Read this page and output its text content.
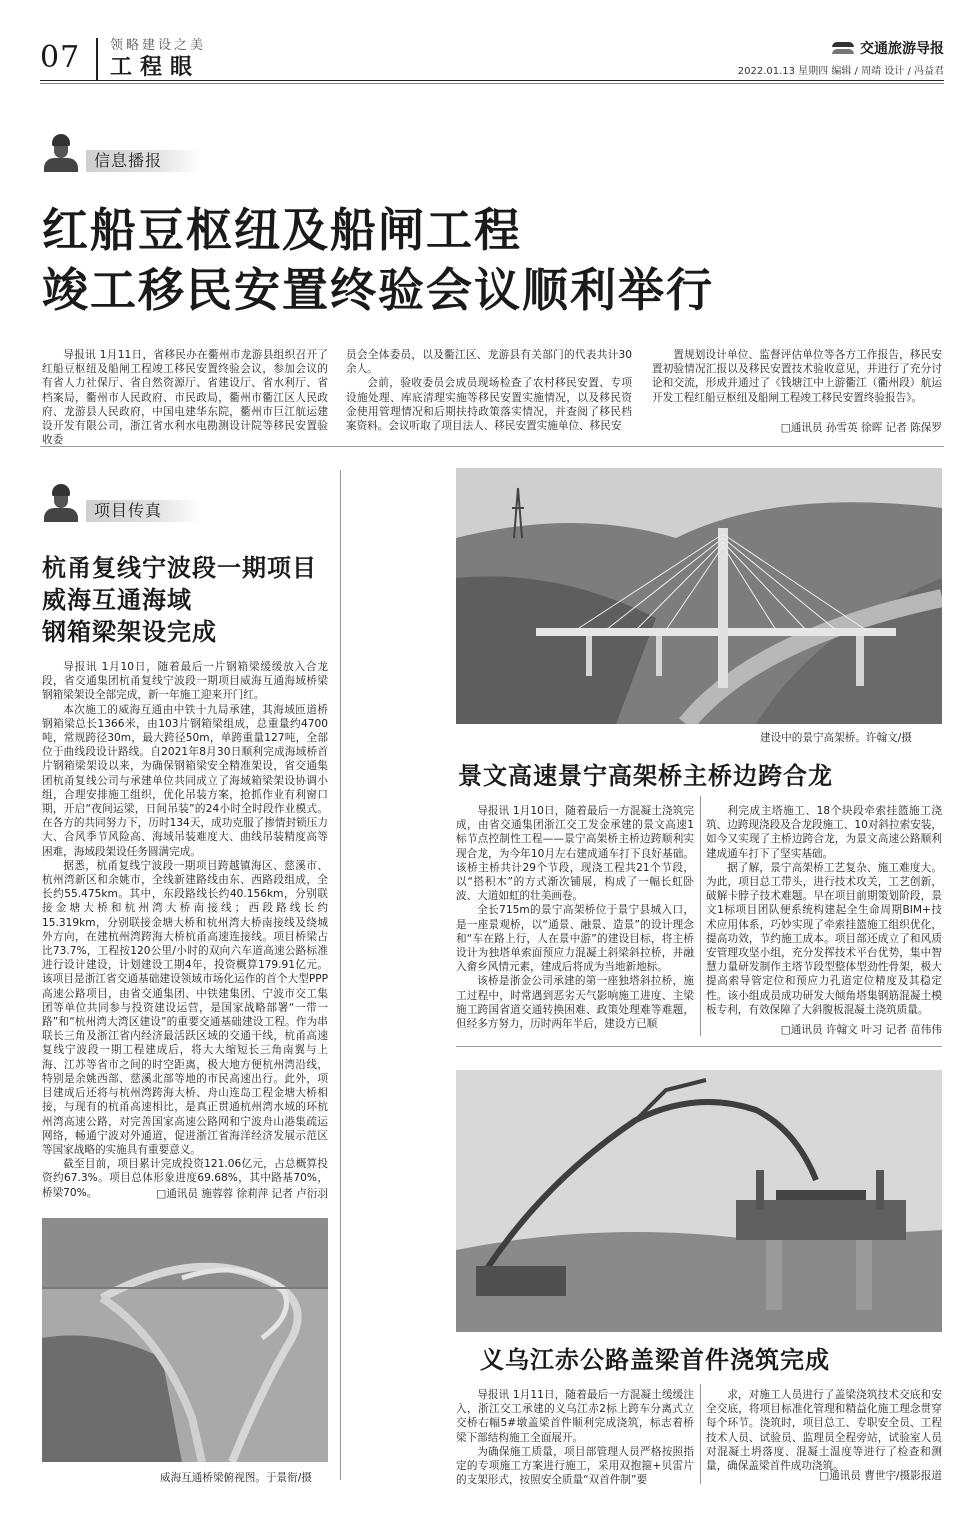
07 领略建设之美
工程眼
交通旅游导报
2022.01.13 星期四 编辑 / 周靖 设计 / 冯益君
信息播报
红船豆枢纽及船闸工程
竣工移民安置终验会议顺利举行

导报讯 1月11日，省移民办在衢州市龙游县组织召开了红船豆枢纽及船闸工程竣工移民安置终验会议，参加会议的有省人力社保厅、省自然资源厅、省建设厅、省水利厅、省档案局，衢州市人民政府、市民政局，衢州市衢江区人民政府、龙游县人民政府，中国电建华东院，衢州市巨江航运建设开发有限公司，浙江省水利水电勘测设计院等移民安置验收委

员会全体委员，以及衢江区、龙游县有关部门的代表共计30余人。

会前，验收委员会成员现场检查了农村移民安置、专项设施处理、库底清理实施等移民安置实施情况，以及移民资金使用管理情况和后期扶持政策落实情况，并查阅了移民档案资料。会议听取了项目法人、移民安置实施单位、移民安

置规划设计单位、监督评估单位等各方工作报告，移民安置初验情况汇报以及移民安置技术验收意见，并进行了充分讨论和交流，形成并通过了《钱塘江中上游衢江（衢州段）航运开发工程红船豆枢纽及船闸工程竣工移民安置终验报告》。

□通讯员 孙雪英 徐晖 记者 陈保罗
项目传真
杭甬复线宁波段一期项目
威海互通海域
钢箱梁架设完成

导报讯 1月10日，随着最后一片钢箱梁缓缓放入合龙段，省交通集团杭甬复线宁波段一期项目威海互通海域桥梁钢箱梁架设全部完成，新一年施工迎来开门红。

本次施工的威海互通由中铁十九局承建，其海域匝道桥钢箱梁总长1366米，由103片钢箱梁组成，总重量约4700吨，常规跨径30m，最大跨径50m，单跨重量127吨，全部位于曲线段设计路线。自2021年8月30日顺利完成海域桥首片钢箱梁架设以来，为确保钢箱梁安全精准架设，省交通集团杭甬复线公司与承建单位共同成立了海域箱梁架设协调小组，合理安排施工组织，优化吊装方案，抢抓作业有利窗口期，开启“夜间运梁，日间吊装”的24小时全时段作业模式。在各方的共同努力下，历时134天，成功克服了掺情封锁压力大、合风季节风险高、海域吊装难度大、曲线吊装精度高等困难，海域段架设任务圆满完成。

据悉，杭甬复线宁波段一期项目跨越镇海区、慈溪市、杭州湾新区和余姚市，全线新建路线由东、西路段组成，全长约55.475km。其中，东段路线长约40.156km，分别联接金塘大桥和杭州湾大桥南接线；西段路线长约15.319km，分别联接金塘大桥和杭州湾大桥南接线及绕城外方向，在建杭州湾跨海大桥杭甬高速连接线。项目桥梁占比73.7%，工程按120公里/小时的双向六车道高速公路标准进行设计建设，计划建设工期4年，投资概算179.91亿元。该项目是浙江省交通基础建设领域市场化运作的首个大型PPP高速公路项目，由省交通集团、中铁建集团、宁波市交工集团等单位共同参与投资建设运营，是国家战略部署“一带一路”和“杭州湾大湾区建设”的重要交通基础建设工程。作为串联长三角及浙江省内经济最活跃区域的交通干线，杭甬高速复线宁波段一期工程建成后，将大大缩短长三角南翼与上海、江苏等省市之间的时空距离，极大地方便杭州湾沿线，特别是余姚西部、慈溪北部等地的市民高速出行。此外，项目建成后还将与杭州湾跨海大桥、舟山连岛工程金塘大桥相接，与现有的杭甬高速相比，是真正贯通杭州湾水域的环杭州湾高速公路，对完善国家高速公路网和宁波舟山港集疏运网络，畅通宁波对外通道，促进浙江省海洋经济发展示范区等国家战略的实施具有重要意义。

截至目前，项目累计完成投资121.06亿元，占总概算投资约67.3%。项目总体形象进度69.68%，其中路基70%，桥梁70%。	□通讯员 施蓉蓉 徐莉萍 记者 卢衍羽
威海互通桥梁俯视图。于景衔/摄
建设中的景宁高架桥。许翰文/摄
景文高速景宁高架桥主桥边跨合龙

导报讯 1月10日，随着最后一方混凝土浇筑完成，由省交通集团浙江交工发金承建的景文高速1标节点控制性工程——景宁高架桥主桥边跨顺利实现合龙，为今年10月左右建成通车打下良好基础。该桥主桥共计29个节段，现浇工程共21个节段，以“搭积木”的方式渐次铺展，构成了一幅长虹卧波、大道如虹的壮美画卷。

全长715m的景宁高架桥位于景宁县城入口，是一座景观桥，以“通景、融景、造景”的设计理念和“车在路上行，人在景中游”的建设目标，将主桥设计为独塔单索面预应力混凝土斜梁斜拉桥，并融入畲乡风情元素，建成后将成为当地新地标。

该桥是浙金公司承建的第一座独塔斜拉桥，施工过程中，时常遇到恶劣天气影响施工进度、主梁施工跨国省道交通转换困难、政策处理难等难题，但经多方努力，历时两年半后，建设方已顺

利完成主塔施工、18个块段牵索挂篮施工浇筑、边跨现浇段及合龙段施工、10对斜拉索安装，如今又实现了主桥边跨合龙，为景文高速公路顺利建成通车打下了坚实基础。

据了解，景宁高架桥工艺复杂、施工难度大。为此，项目总工带头，进行技术攻关，工艺创新，破解卡脖子技术难题。早在项目前期策划阶段，景文1标项目团队便系统构建起全生命周期BIM+技术应用体系，巧妙实现了牵索挂篮施工组织优化，提高功效，节约施工成本。项目部还成立了和风质安管理攻坚小组，充分发挥技术平台优势，集中智慧力量研发制作主塔节段型整体型劲性骨架，极大提高索导管定位和预应力孔道定位精度及其稳定性。该小组成员成功研发大倾角塔集钢筋混凝土模板专利，有效保障了大斜腹板混凝土浇筑质量。

□通讯员 许翰文 叶习 记者 苗伟伟
义乌江赤公路盖梁首件浇筑完成

导报讯 1月11日，随着最后一方混凝土缓缓注入，浙江交工承建的义乌江赤2标上跨车分离式立交桥右幅5#墩盖梁首件顺利完成浇筑，标志着桥梁下部结构施工全面展开。

为确保施工质量，项目部管理人员严格按照指定的专项施工方案进行施工，采用双抱箍+贝雷片的支架形式，按照安全质量“双首件制”要

求，对施工人员进行了盖梁浇筑技术交底和安全交底，将项目标准化管理和精益化施工理念贯穿每个环节。浇筑时，项目总工、专职安全员、工程技术人员、试验员、监理员全程旁站，试验室人员对混凝土坍落度、混凝土温度等进行了检查和测量，确保盖梁首件成功浇筑。

□通讯员 曹世宇/摄影报道
